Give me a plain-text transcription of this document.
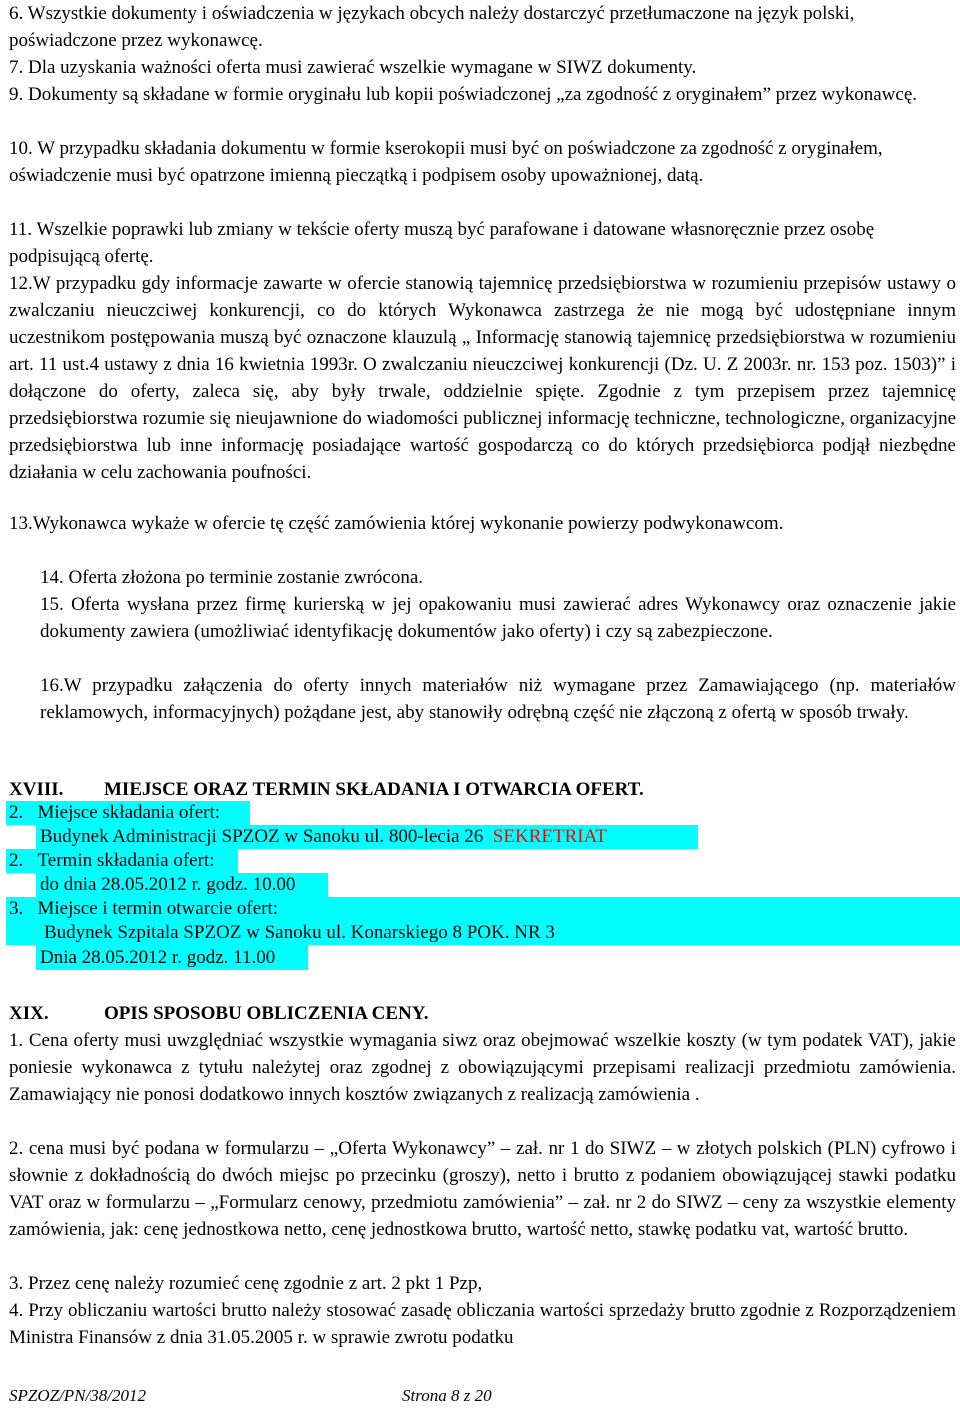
6. Wszystkie dokumenty i oświadczenia w językach obcych należy dostarczyć przetłumaczone na język polski, poświadczone przez wykonawcę.

7. Dla uzyskania ważności oferta musi zawierać wszelkie wymagane w SIWZ dokumenty.

9. Dokumenty są składane w formie oryginału lub kopii poświadczonej „za zgodność z oryginałem” przez wykonawcę.

10. W przypadku składania dokumentu w formie kserokopii musi być on poświadczone za zgodność z oryginałem, oświadczenie musi być opatrzone imienną pieczątką i podpisem osoby upoważnionej, datą.

11. Wszelkie poprawki lub zmiany w tekście oferty muszą być parafowane i datowane własnoręcznie przez osobę podpisującą ofertę.

12.W przypadku gdy informacje zawarte w ofercie stanowią tajemnicę przedsiębiorstwa w rozumieniu przepisów ustawy o zwalczaniu nieuczciwej konkurencji, co do których Wykonawca zastrzega że nie mogą być udostępniane innym uczestnikom postępowania muszą być oznaczone klauzulą „ Informację stanowią tajemnicę przedsiębiorstwa w rozumieniu art. 11 ust.4 ustawy z dnia 16 kwietnia 1993r. O zwalczaniu nieuczciwej konkurencji (Dz. U. Z 2003r. nr. 153 poz. 1503)” i dołączone do oferty, zaleca się, aby były trwale, oddzielnie spięte. Zgodnie z tym przepisem przez tajemnicę przedsiębiorstwa rozumie się nieujawnione do wiadomości publicznej informację techniczne, technologiczne, organizacyjne przedsiębiorstwa lub inne informację posiadające wartość gospodarczą co do których przedsiębiorca podjął niezbędne działania w celu zachowania poufności.

13.Wykonawca wykaże w ofercie tę część zamówienia której wykonanie powierzy podwykonawcom.

14. Oferta złożona po terminie zostanie zwrócona.

15. Oferta wysłana przez firmę kurierską w jej opakowaniu musi zawierać adres Wykonawcy oraz oznaczenie jakie dokumenty zawiera (umożliwiać identyfikację dokumentów jako oferty) i czy są zabezpieczone.

16.W przypadku załączenia do oferty innych materiałów niż wymagane przez Zamawiającego (np. materiałów reklamowych, informacyjnych) pożądane jest, aby stanowiły odrębną część nie złączoną z ofertą w sposób trwały.

XVIII. MIEJSCE ORAZ TERMIN SKŁADANIA I OTWARCIA OFERT.

2. Miejsce składania ofert:
Budynek Administracji SPZOZ w Sanoku ul. 800-lecia 26 SEKRETRIAT
2. Termin składania ofert:
do dnia 28.05.2012 r. godz. 10.00
3. Miejsce i termin otwarcie ofert:
Budynek Szpitala SPZOZ w Sanoku ul. Konarskiego 8 POK. NR 3
Dnia 28.05.2012 r. godz. 11.00

XIX.	OPIS SPOSOBU OBLICZENIA CENY.

1. Cena oferty musi uwzględniać wszystkie wymagania siwz oraz obejmować wszelkie koszty (w tym podatek VAT), jakie poniesie wykonawca z tytułu należytej oraz zgodnej z obowiązującymi przepisami realizacji przedmiotu zamówienia. Zamawiający nie ponosi dodatkowo innych kosztów związanych z realizacją zamówienia .

2. cena musi być podana w formularzu – „Oferta Wykonawcy” – zał. nr 1 do SIWZ – w złotych polskich (PLN) cyfrowo i słownie z dokładnością do dwóch miejsc po przecinku (groszy), netto i brutto z podaniem obowiązującej stawki podatku VAT oraz w formularzu – „Formularz cenowy, przedmiotu zamówienia” – zał. nr 2 do SIWZ – ceny za wszystkie elementy zamówienia, jak: cenę jednostkowa netto, cenę jednostkowa brutto, wartość netto, stawkę podatku vat, wartość brutto.

3. Przez cenę należy rozumieć cenę zgodnie z art. 2 pkt 1 Pzp,

4. Przy obliczaniu wartości brutto należy stosować zasadę obliczania wartości sprzedaży brutto zgodnie z Rozporządzeniem Ministra Finansów z dnia 31.05.2005 r. w sprawie zwrotu podatku

SPZOZ/PN/38/2012	Strona 8 z 20
